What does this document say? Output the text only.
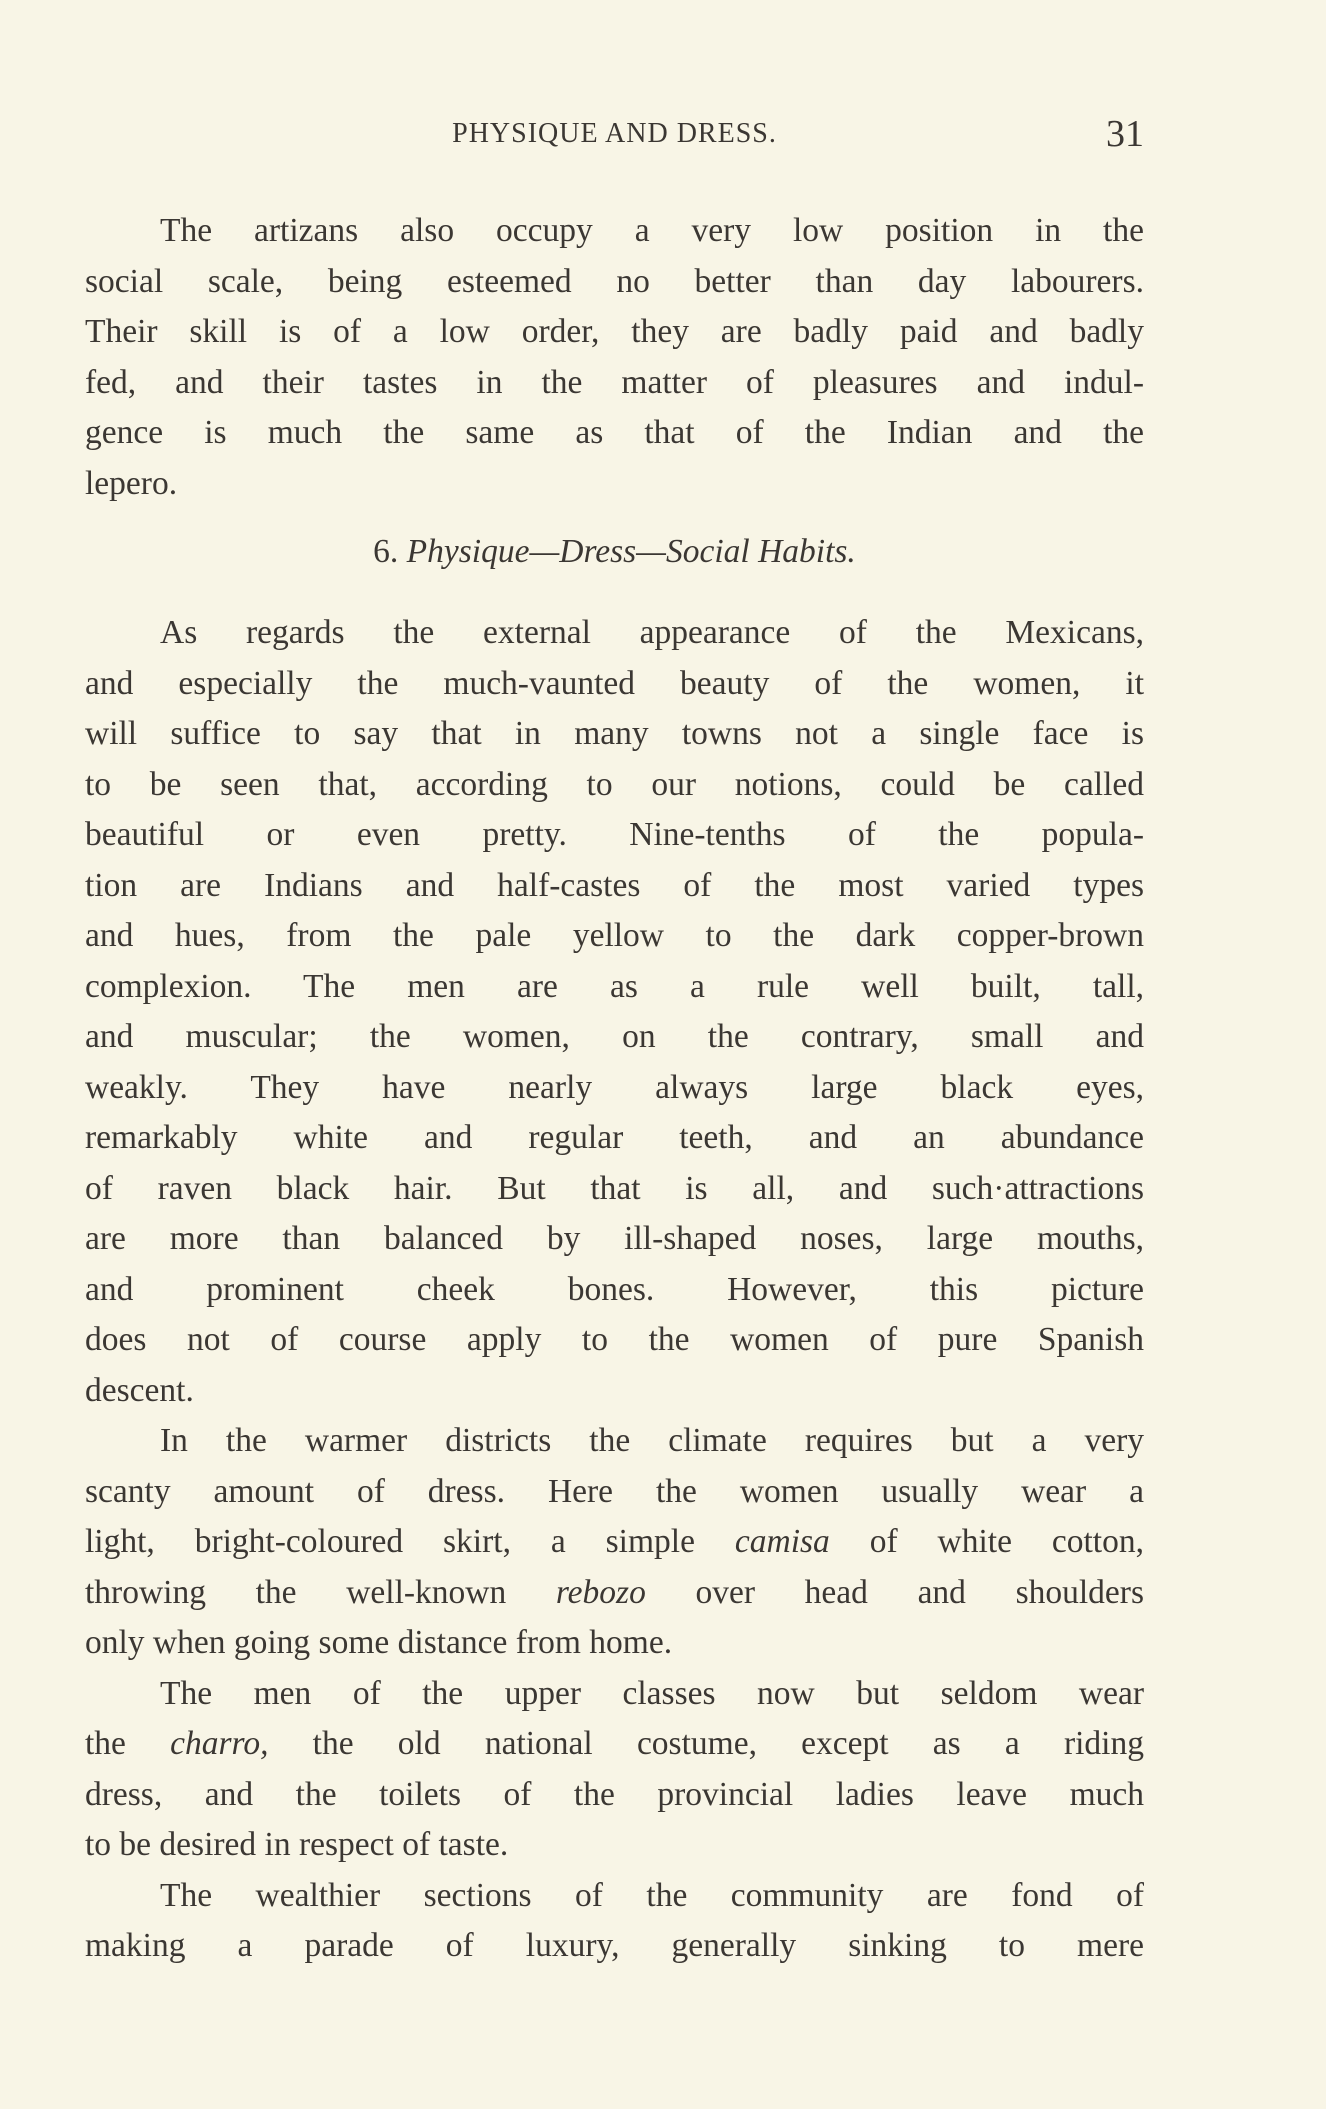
PHYSIQUE AND DRESS.	31
The artizans also occupy a very low position in the
social scale, being esteemed no better than day labourers.
Their skill is of a low order, they are badly paid and badly
fed, and their tastes in the matter of pleasures and indul-
gence is much the same as that of the Indian and the
lepero.
6. Physique—Dress—Social Habits.
As regards the external appearance of the Mexicans,
and especially the much-vaunted beauty of the women, it
will suffice to say that in many towns not a single face is
to be seen that, according to our notions, could be called
beautiful or even pretty. Nine-tenths of the popula-
tion are Indians and half-castes of the most varied types
and hues, from the pale yellow to the dark copper-brown
complexion. The men are as a rule well built, tall,
and muscular; the women, on the contrary, small and
weakly. They have nearly always large black eyes,
remarkably white and regular teeth, and an abundance
of raven black hair. But that is all, and such·attractions
are more than balanced by ill-shaped noses, large mouths,
and prominent cheek bones. However, this picture
does not of course apply to the women of pure Spanish
descent.
In the warmer districts the climate requires but a very
scanty amount of dress. Here the women usually wear a
light, bright-coloured skirt, a simple camisa of white cotton,
throwing the well-known rebozo over head and shoulders
only when going some distance from home.
The men of the upper classes now but seldom wear
the charro, the old national costume, except as a riding
dress, and the toilets of the provincial ladies leave much
to be desired in respect of taste.
The wealthier sections of the community are fond of
making a parade of luxury, generally sinking to mere
